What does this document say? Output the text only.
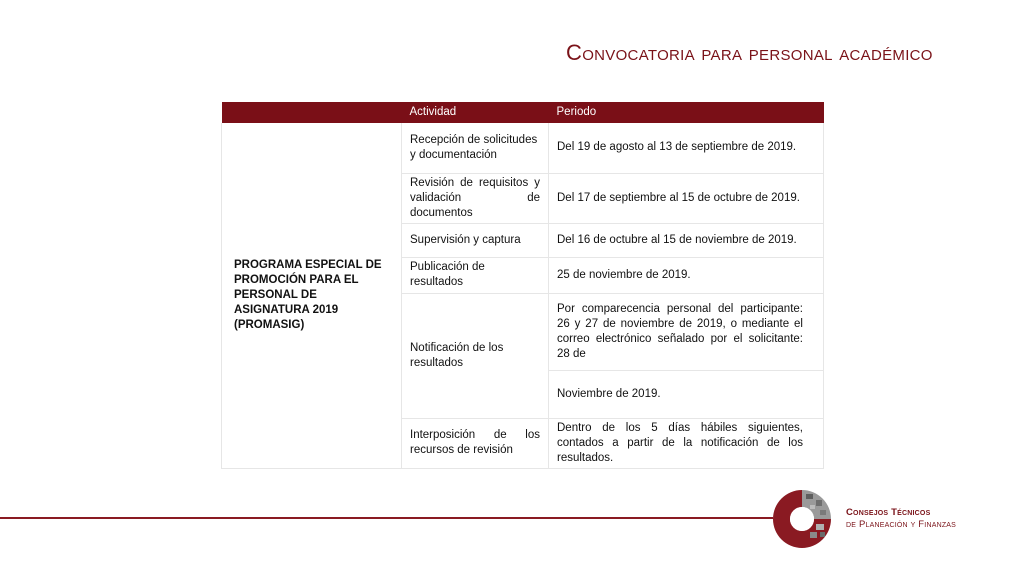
Convocatoria para personal académico
	Actividad	Periodo
PROGRAMA ESPECIAL DE PROMOCIÓN PARA EL PERSONAL DE ASIGNATURA 2019 (PROMASIG)	Recepción de solicitudes y documentación	Del 19 de agosto al 13 de septiembre de 2019.
	Revisión de requisitos y validación de documentos	Del 17 de septiembre al 15 de octubre de 2019.
	Supervisión y captura	Del 16 de octubre al 15 de noviembre de 2019.
	Publicación de resultados	25 de noviembre de 2019.
	Notificación de los resultados	Por comparecencia personal del participante: 26 y 27 de noviembre de 2019, o mediante el correo electrónico señalado por el solicitante: 28 de
		Noviembre de 2019.
	Interposición de los recursos de revisión	Dentro de los 5 días hábiles siguientes, contados a partir de la notificación de los resultados.
Consejos Técnicos
de Planeación y Finanzas
